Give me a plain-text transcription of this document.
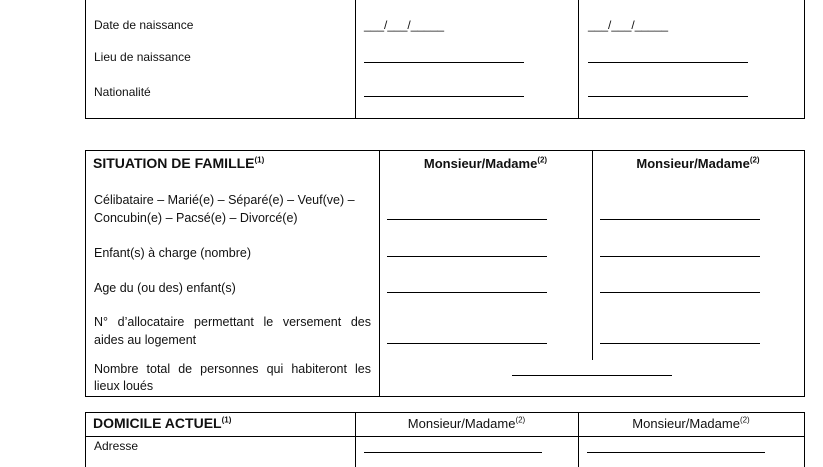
Date de naissance	___/___/_____	___/___/_____
Lieu de naissance
Nationalité
SITUATION DE FAMILLE$^{(1)}$	Monsieur/Madame$^{(2)}$	Monsieur/Madame$^{(2)}$
Célibataire – Marié(e) – Séparé(e) – Veuf(ve) –
Concubin(e) – Pacsé(e) – Divorcé(e)
Enfant(s) à charge (nombre)
Age du (ou des) enfant(s)
N° d’allocataire permettant le versement des
aides au logement
Nombre total de personnes qui habiteront les
lieux loués
DOMICILE ACTUEL$^{(1)}$	Monsieur/Madame$^{(2)}$	Monsieur/Madame$^{(2)}$
Adresse
